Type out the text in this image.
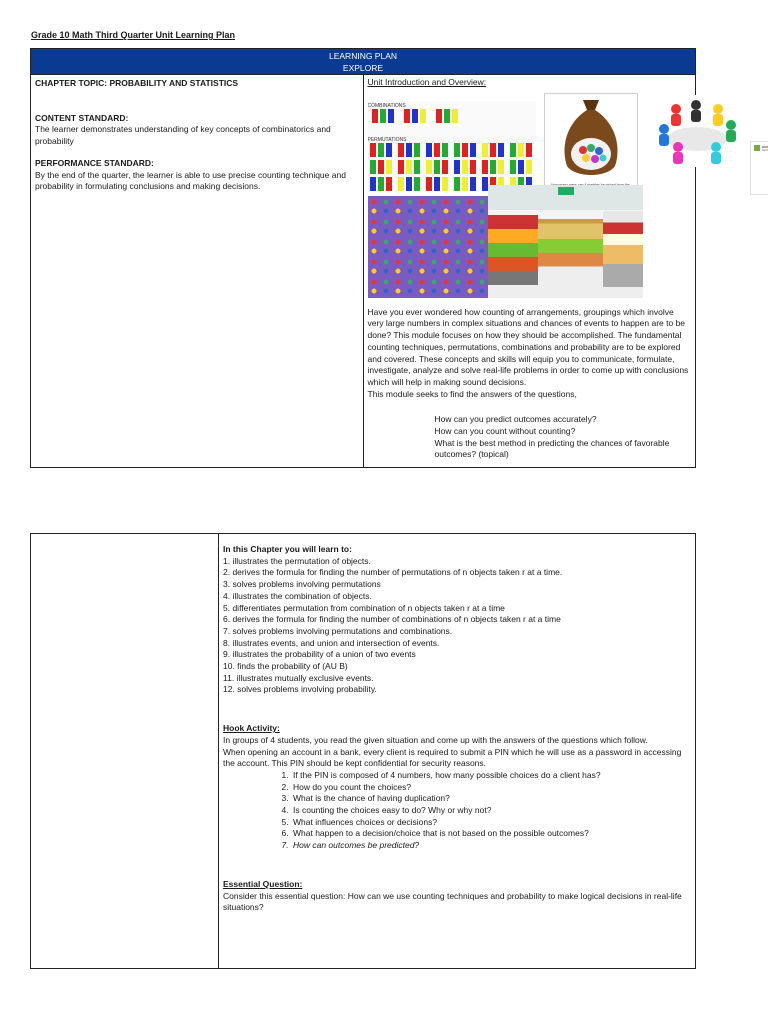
Grade 10 Math Third Quarter Unit Learning Plan
LEARNING PLAN
EXPLORE

CHAPTER TOPIC: PROBABILITY AND STATISTICS
CONTENT STANDARD:
The learner demonstrates understanding of key concepts of combinatorics and probability
PERFORMANCE STANDARD:
By the end of the quarter, the learner is able to use precise counting technique and probability in formulating conclusions and making decisions.

Unit Introduction and Overview:
COMBINATIONS
PERMUTATIONS
Have you ever wondered how counting of arrangements, groupings which involve very large numbers in complex situations and chances of events to happen are to be done? This module focuses on how they should be accomplished. The fundamental counting techniques, permutations, combinations and probability are to be explored and covered. These concepts and skills will equip you to communicate, formulate, investigate, analyze and solve real-life problems in order to come up with conclusions which will help in making sound decisions.
This module seeks to find the answers of the questions,
How can you predict outcomes accurately?
How can you count without counting?
What is the best method in predicting the chances of favorable outcomes? (topical)

In this Chapter you will learn to:
1. illustrates the permutation of objects.
2. derives the formula for finding the number of permutations of n objects taken r at a time.
3. solves problems involving permutations
4. illustrates the combination of objects.
5. differentiates permutation from combination of n objects taken r at a time
6. derives the formula for finding the number of combinations of n objects taken r at a time
7. solves problems involving permutations and combinations.
8. illustrates events, and union and intersection of events.
9. illustrates the probability of a union of two events
10. finds the probability of (AU B)
11. illustrates mutually exclusive events.
12. solves problems involving probability.
Hook Activity:
In groups of 4 students, you read the given situation and come up with the answers of the questions which follow.
When opening an account in a bank, every client is required to submit a PIN which he will use as a password in accessing the account. This PIN should be kept confidential for security reasons.
1. If the PIN is composed of 4 numbers, how many possible choices do a client has?
2. How do you count the choices?
3. What is the chance of having duplication?
4. Is counting the choices easy to do? Why or why not?
5. What influences choices or decisions?
6. What happen to a decision/choice that is not based on the possible outcomes?
7. How can outcomes be predicted?
Essential Question:
Consider this essential question: How can we use counting techniques and probability to make logical decisions in real-life situations?
